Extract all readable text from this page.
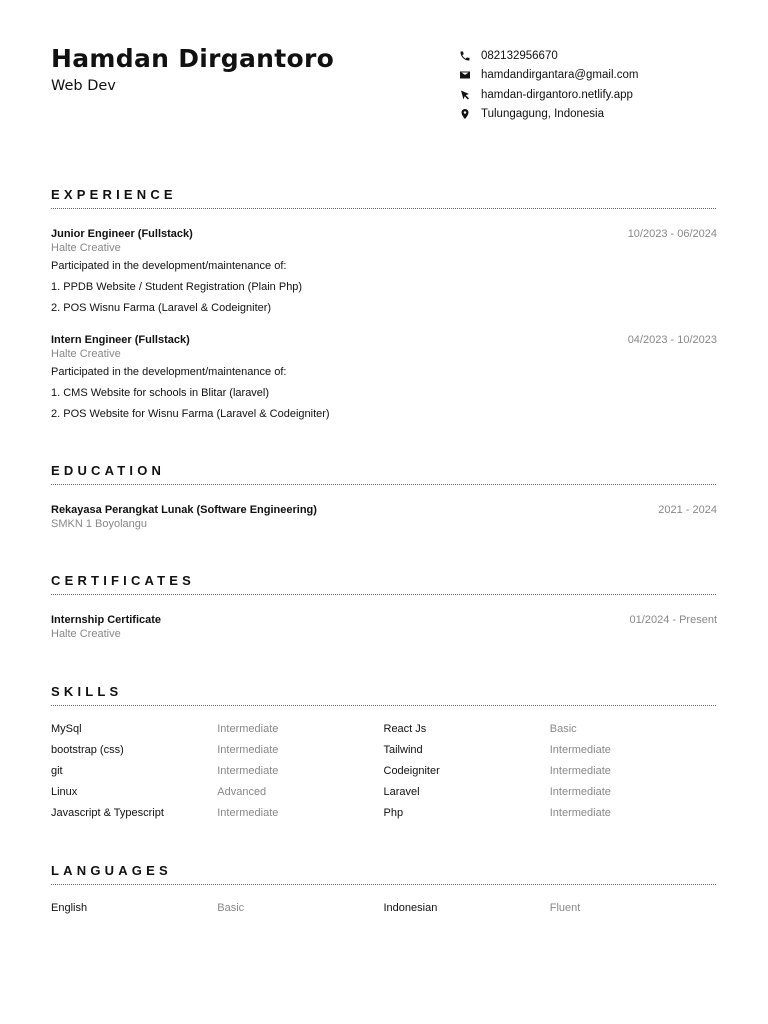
Hamdan Dirgantoro
Web Dev
082132956670
hamdandirgantara@gmail.com
hamdan-dirgantoro.netlify.app
Tulungagung, Indonesia
EXPERIENCE
Junior Engineer (Fullstack)
Halte Creative
10/2023 - 06/2024
Participated in the development/maintenance of:
1. PPDB Website / Student Registration (Plain Php)
2. POS Wisnu Farma (Laravel & Codeigniter)
Intern Engineer (Fullstack)
Halte Creative
04/2023 - 10/2023
Participated in the development/maintenance of:
1. CMS Website for schools in Blitar (laravel)
2. POS Website for Wisnu Farma (Laravel & Codeigniter)
EDUCATION
Rekayasa Perangkat Lunak (Software Engineering)
SMKN 1 Boyolangu
2021 - 2024
CERTIFICATES
Internship Certificate
Halte Creative
01/2024 - Present
SKILLS
MySql	Intermediate	React Js	Basic
bootstrap (css)	Intermediate	Tailwind	Intermediate
git	Intermediate	Codeigniter	Intermediate
Linux	Advanced	Laravel	Intermediate
Javascript & Typescript	Intermediate	Php	Intermediate
LANGUAGES
English	Basic	Indonesian	Fluent
